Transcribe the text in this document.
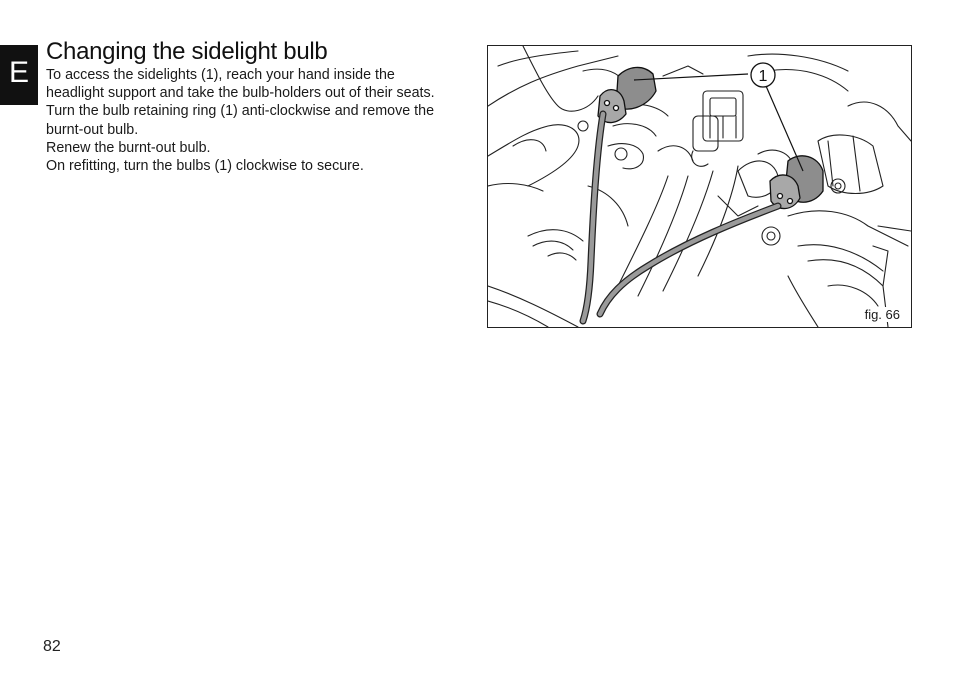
E
Changing the sidelight bulb

To access the sidelights (1), reach your hand inside the headlight support and take the bulb-holders out of their seats. Turn the bulb retaining ring (1) anti-clockwise and remove the burnt-out bulb.

Renew the burnt-out bulb.

On refitting, turn the bulbs (1) clockwise to secure.

1
fig. 66
82
